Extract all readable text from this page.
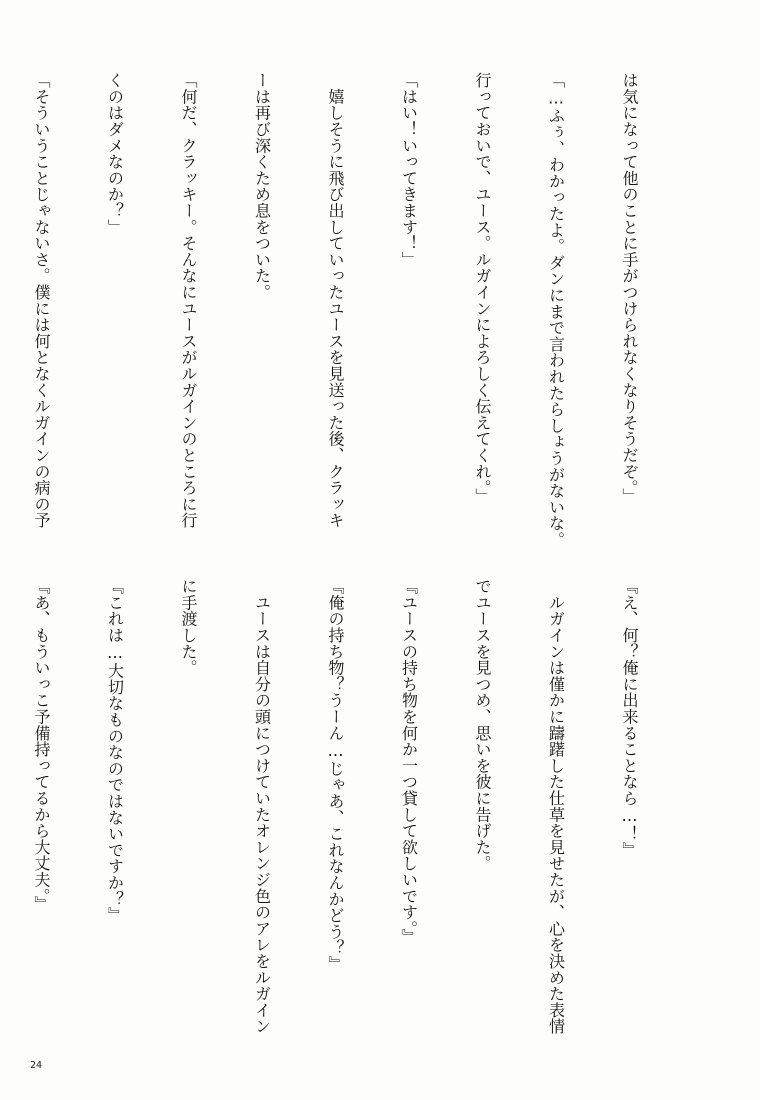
は気になって他のことに手がつけられなくなりそうだぞ。」

「…ふぅ、わかったよ。ダンにまで言われたらしょうがないな。

行っておいで、ユース。ルガインによろしく伝えてくれ。」

「はい！いってきます！」

　嬉しそうに飛び出していったユースを見送った後、クラッキ

ーは再び深くため息をついた。

「何だ、クラッキー。そんなにユースがルガインのところに行

くのはダメなのか？」

「そういうことじゃないさ。僕には何となくルガインの病の予

『え、何？俺に出来ることなら…！』

　ルガインは僅かに躊躇した仕草を見せたが、心を決めた表情

でユースを見つめ、思いを彼に告げた。

『ユースの持ち物を何か一つ貸して欲しいです。』

『俺の持ち物？うーん…じゃあ、これなんかどう？』

　ユースは自分の頭につけていたオレンジ色のアレをルガイン

に手渡した。

『これは…大切なものなのではないですか？』

『あ、もういっこ予備持ってるから大丈夫。』

24
